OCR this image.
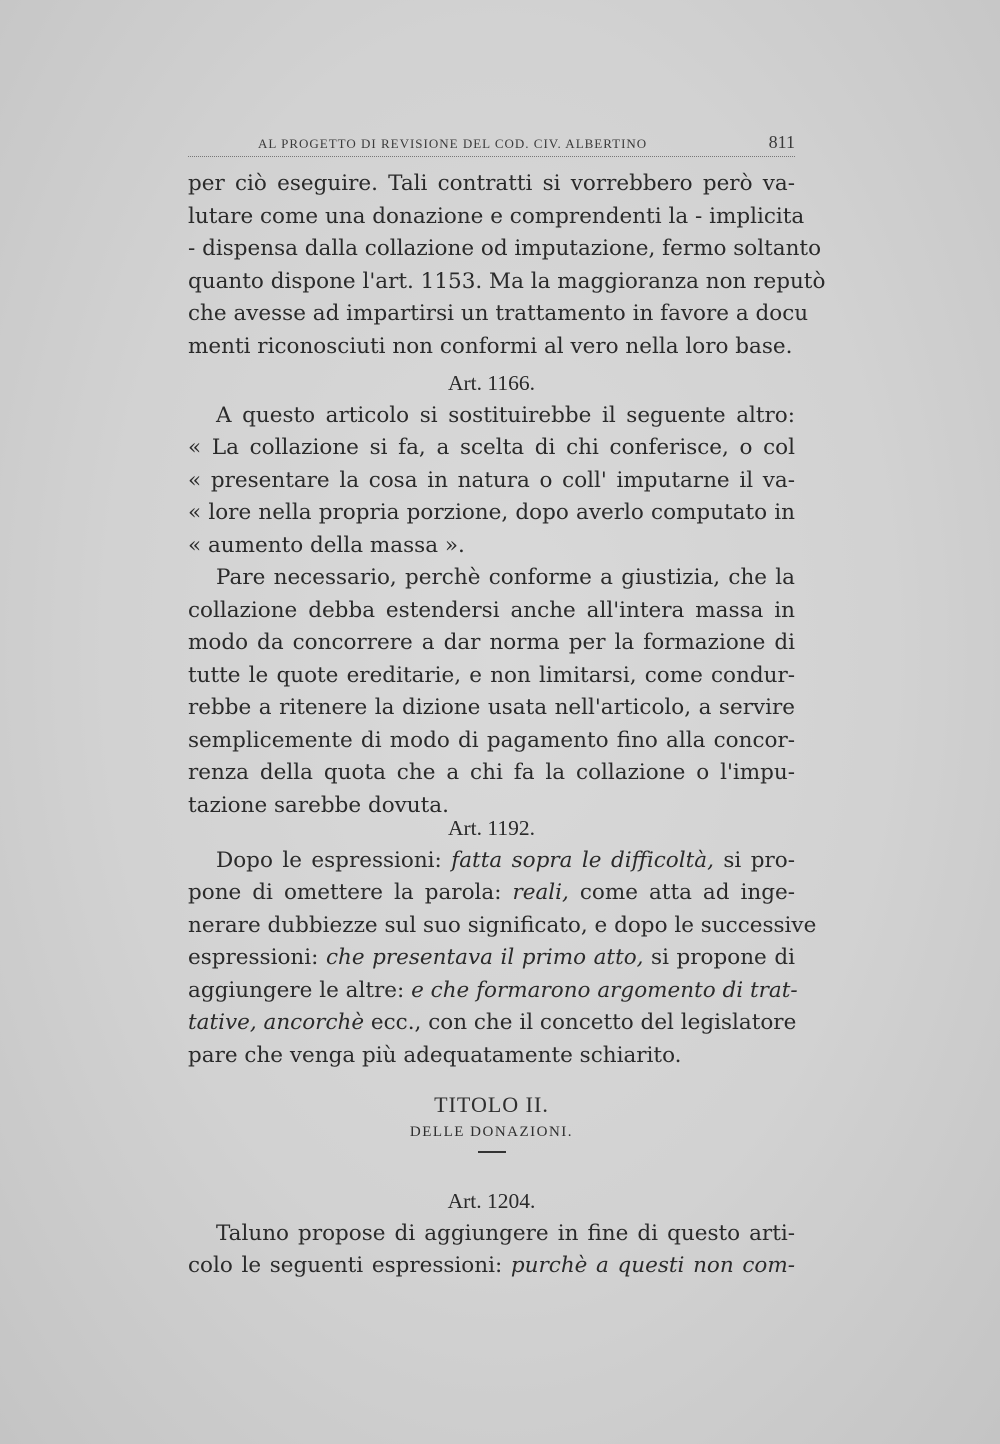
AL PROGETTO DI REVISIONE DEL COD. CIV. ALBERTINO	811

per ciò eseguire. Tali contratti si vorrebbero però va-

lutare come una donazione e comprendenti la - implicita

- dispensa dalla collazione od imputazione, fermo soltanto

quanto dispone l'art. 1153. Ma la maggioranza non reputò

che avesse ad impartirsi un trattamento in favore a docu

menti riconosciuti non conformi al vero nella loro base.

Art. 1166.

A questo articolo si sostituirebbe il seguente altro:

« La collazione si fa, a scelta di chi conferisce, o col

« presentare la cosa in natura o coll' imputarne il va-

« lore nella propria porzione, dopo averlo computato in

« aumento della massa ».

Pare necessario, perchè conforme a giustizia, che la

collazione debba estendersi anche all'intera massa in

modo da concorrere a dar norma per la formazione di

tutte le quote ereditarie, e non limitarsi, come condur-

rebbe a ritenere la dizione usata nell'articolo, a servire

semplicemente di modo di pagamento fino alla concor-

renza della quota che a chi fa la collazione o l'impu-

tazione sarebbe dovuta.

Art. 1192.

Dopo le espressioni: fatta sopra le difficoltà, si pro-

pone di omettere la parola: reali, come atta ad inge-

nerare dubbiezze sul suo significato, e dopo le successive

espressioni: che presentava il primo atto, si propone di

aggiungere le altre: e che formarono argomento di trat-

tative, ancorchè ecc., con che il concetto del legislatore

pare che venga più adequatamente schiarito.

TITOLO II.
DELLE DONAZIONI.
Art. 1204.

Taluno propose di aggiungere in fine di questo arti-

colo le seguenti espressioni: purchè a questi non com-
